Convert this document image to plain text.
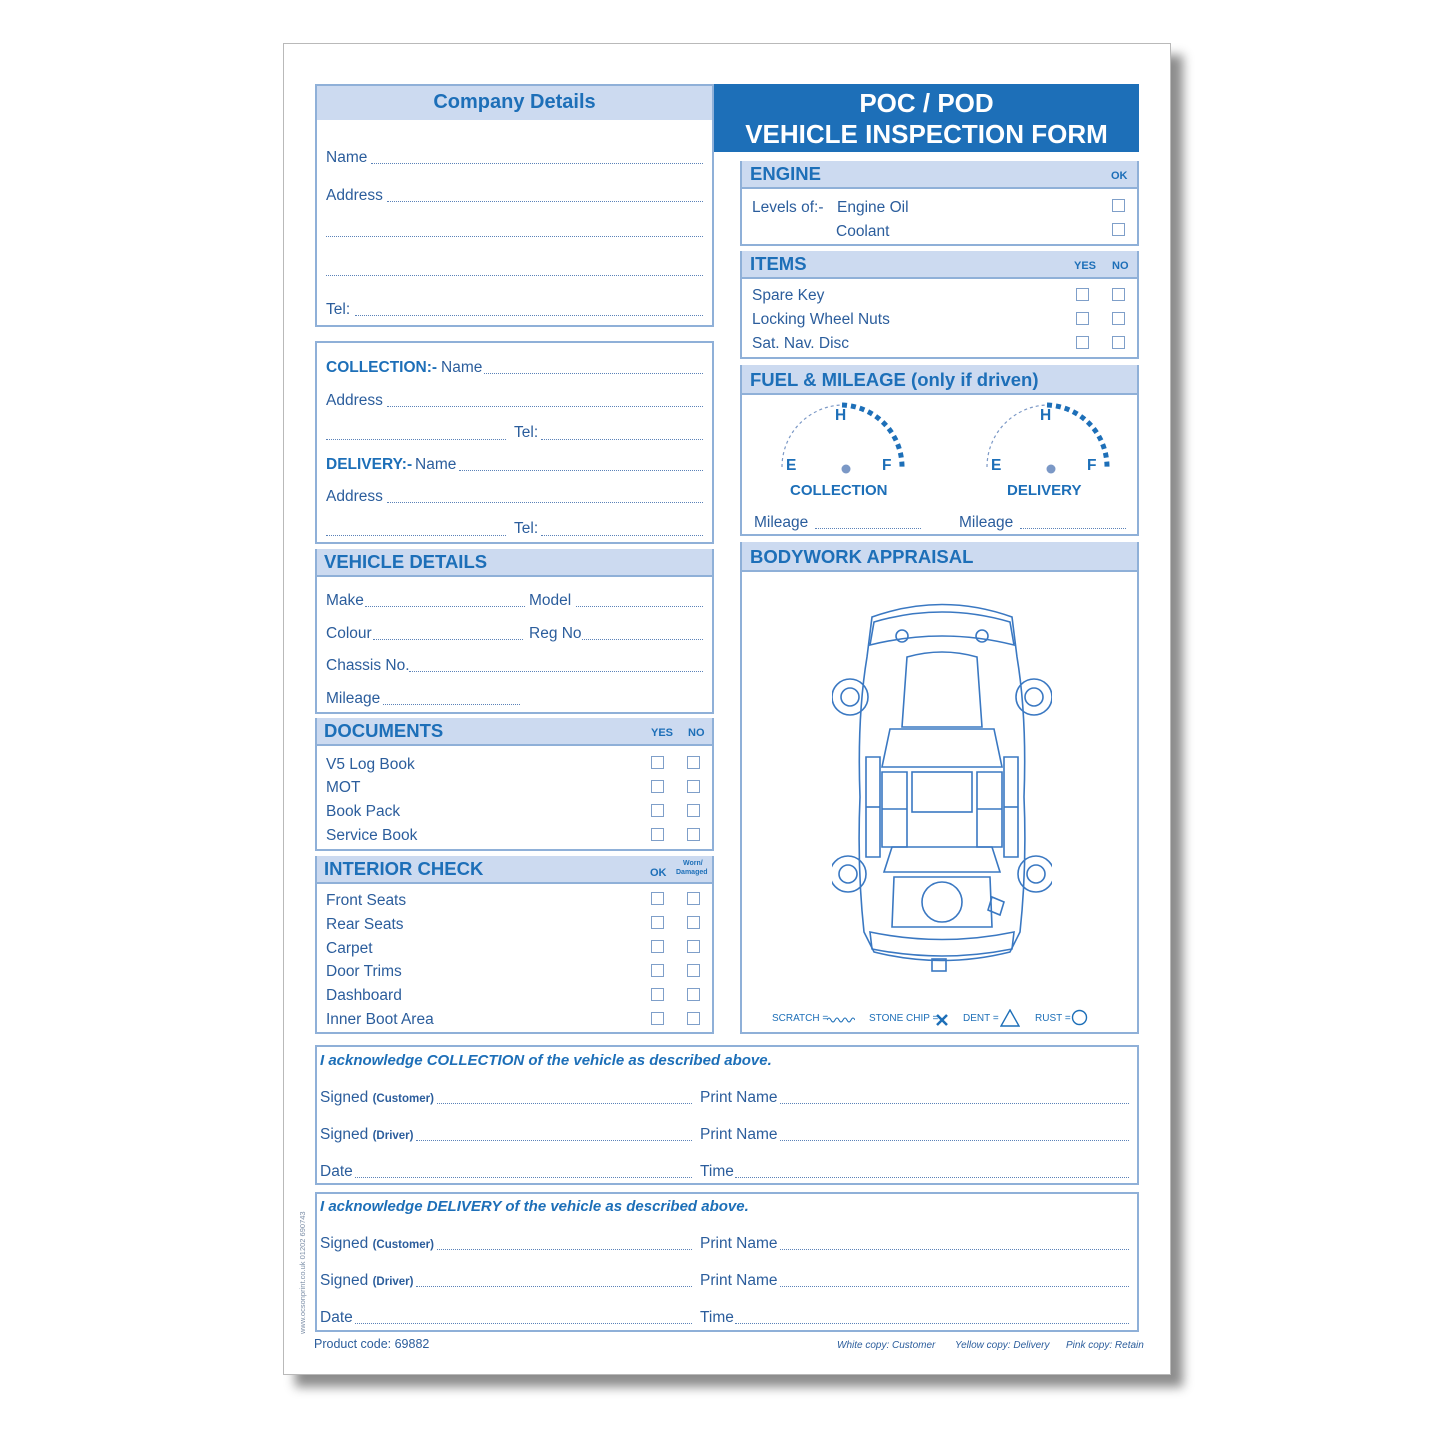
www.ocsonprint.co.uk 01202 690743
Company Details
Name
Address
Tel:
POC / POD
VEHICLE INSPECTION FORM
COLLECTION:- Name
Address
Tel:
DELIVERY:- Name
Address
Tel:
VEHICLE DETAILS
Make	Model
Colour	Reg No
Chassis No.
Mileage
DOCUMENTS	YES NO
V5 Log Book
MOT
Book Pack
Service Book
INTERIOR CHECK	OK
Worn/
Damaged
Front Seats
Rear Seats
Carpet
Door Trims
Dashboard
Inner Boot Area
ENGINE	OK
Levels of:- Engine Oil
Coolant
ITEMS	YES NO
Spare Key
Locking Wheel Nuts
Sat. Nav. Disc
FUEL & MILEAGE (only if driven)
H
E	F
COLLECTION
H
E	F
DELIVERY
Mileage	Mileage
BODYWORK APPRAISAL
SCRATCH =	STONE CHIP = DENT =	RUST =
I acknowledge COLLECTION of the vehicle as described above.
Signed (Customer)	Print Name
Signed (Driver)	Print Name
Date	Time
I acknowledge DELIVERY of the vehicle as described above.
Signed (Customer)	Print Name
Signed (Driver)	Print Name
Date	Time
Product code: 69882	White copy: Customer Yellow copy: Delivery Pink copy: Retain
